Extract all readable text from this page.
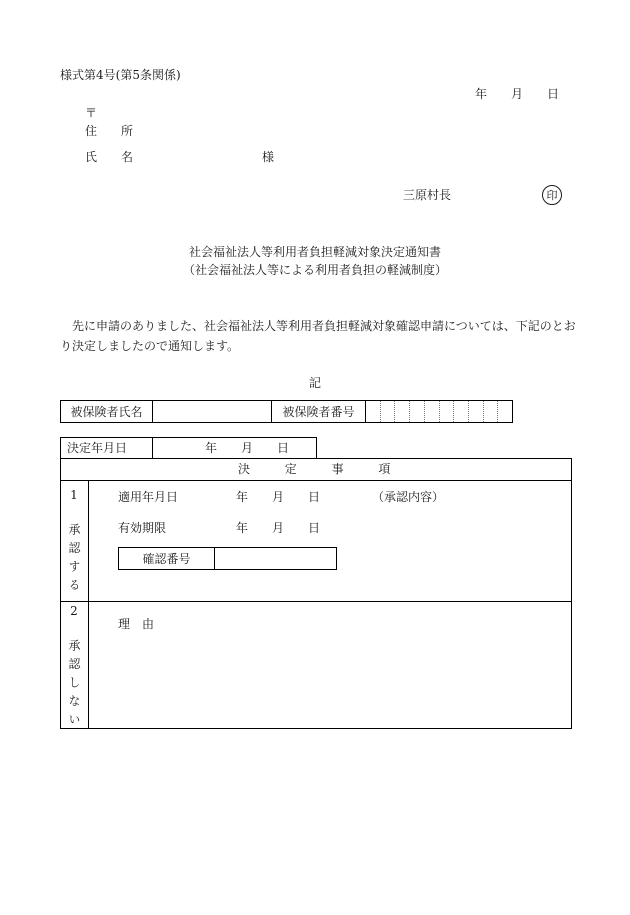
様式第4号(第5条関係)
年　　月　　日
〒
住　　所
氏　　名	様
三原村長	印
社会福祉法人等利用者負担軽減対象決定通知書
（社会福祉法人等による利用者負担の軽減制度）
　先に申請のありました、社会福祉法人等利用者負担軽減対象確認申請については、下記のとお
り決定しましたので通知します。
記
被保険者氏名	被保険者番号
決定年月日	年　　月　　日
決　　定　　事　　項
1
承認する
適用年月日	年　　月　　日	（承認内容）
有効期限	年　　月　　日
確認番号
2
承認しない
理　由
